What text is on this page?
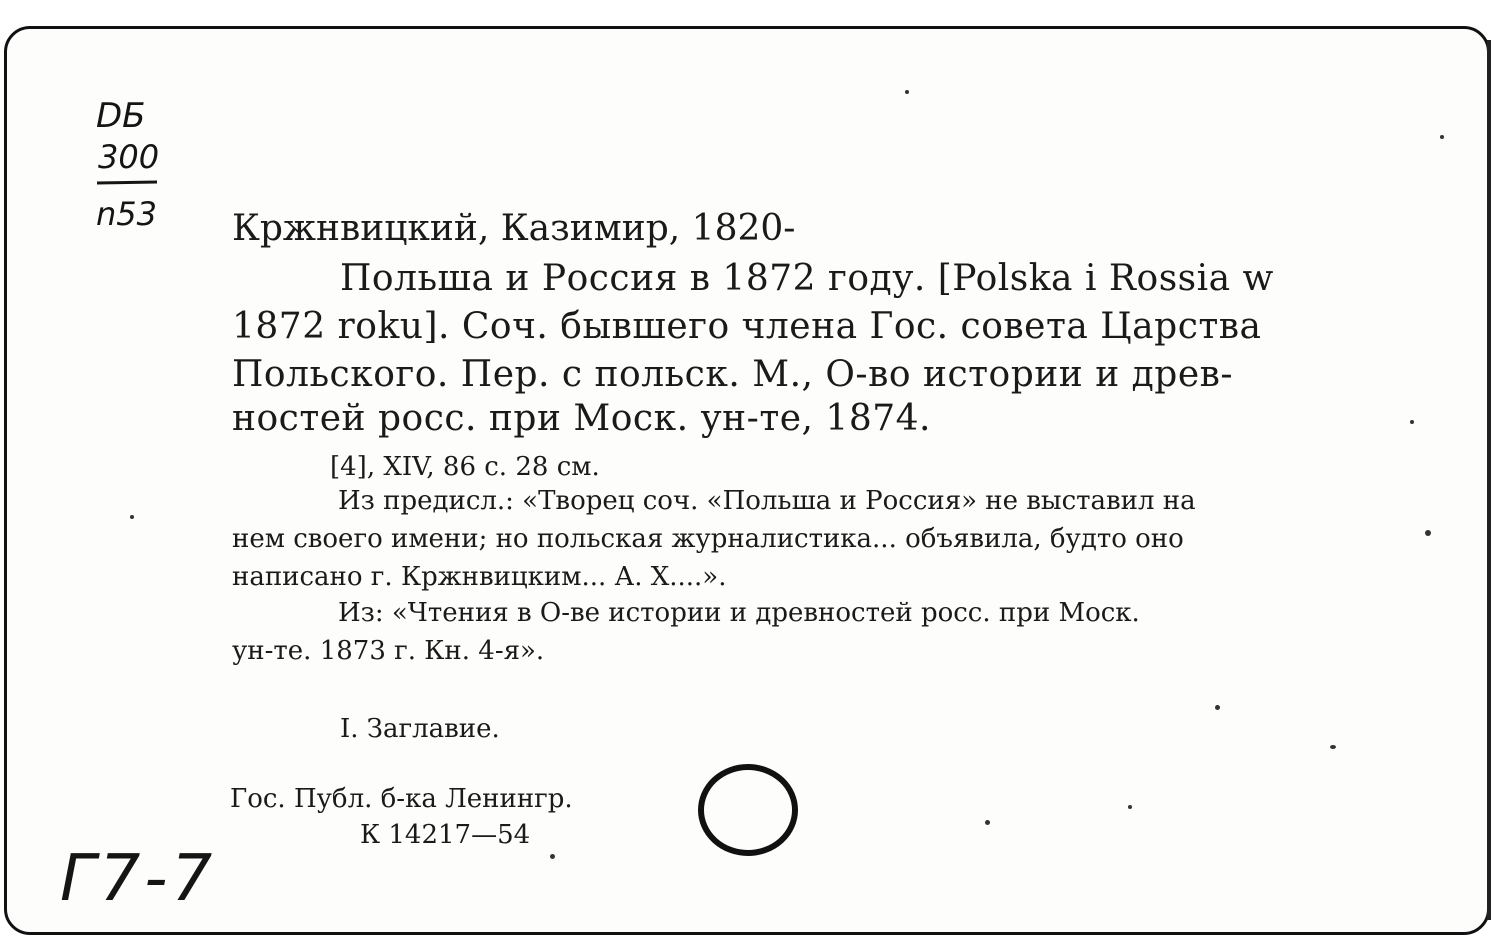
DБ
300
n53 Кржнвицкий, Казимир, 1820-
Польша и Россия в 1872 году. [Polska i Rossia w
1872 roku]. Соч. бывшего члена Гос. совета Царства
Польского. Пер. с польск. М., О-во истории и древ-
ностей росс. при Моск. ун-те, 1874.
[4], XIV, 86 с. 28 см.
Из предисл.: «Творец соч. «Польша и Россия» не выставил на
нем своего имени; но польская журналистика... объявила, будто оно
написано г. Кржнвицким... А. Х....».
Из: «Чтения в О-ве истории и древностей росс. при Моск.
ун-те. 1873 г. Кн. 4-я».
I. Заглавие.
Гос. Публ. б-ка Ленингр.
К 14217—54
Г7-7
